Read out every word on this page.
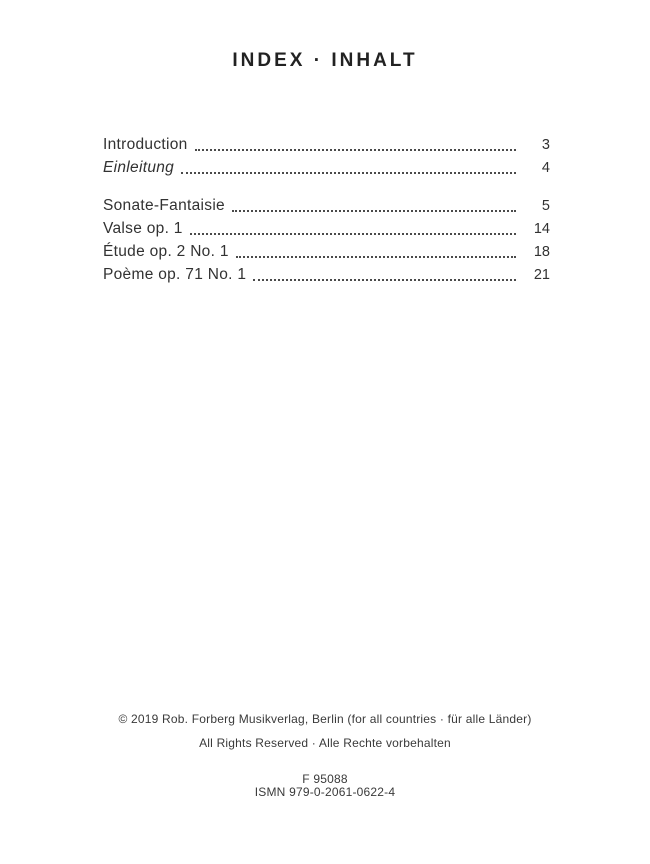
INDEX · INHALT
Introduction	3
Einleitung	4
Sonate-Fantaisie	5
Valse op. 1	14
Étude op. 2 No. 1	18
Poème op. 71 No. 1	21
© 2019 Rob. Forberg Musikverlag, Berlin (for all countries · für alle Länder)
All Rights Reserved · Alle Rechte vorbehalten
F 95088
ISMN 979-0-2061-0622-4
